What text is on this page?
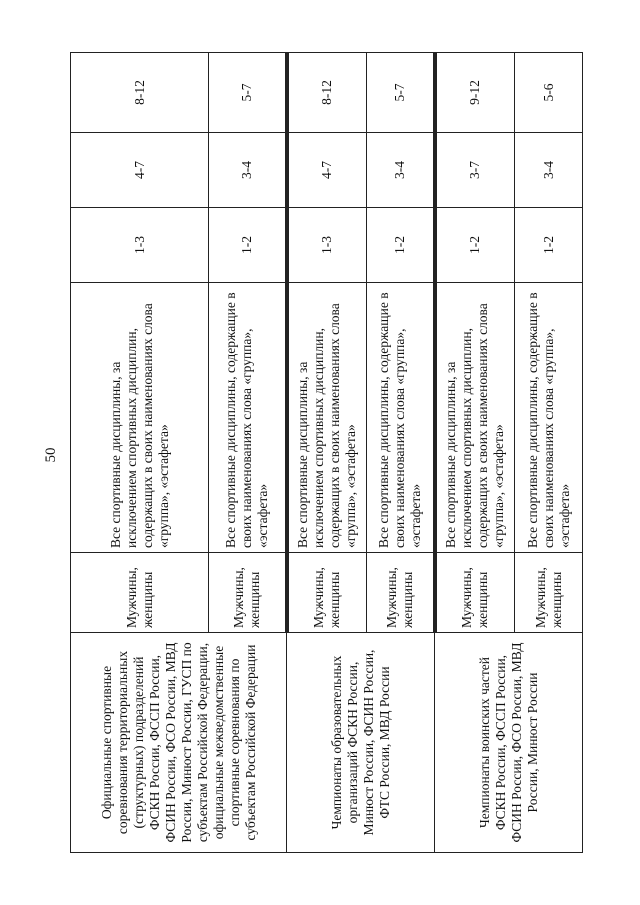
50
Официальные спортивные соревнования территориальных (структурных) подразделений ФСКН России, ФССП России, ФСИН России, ФСО России, МВД России, Минюст России, ГУСП по субъектам Российской Федерации, официальные межведомственные спортивные соревнования по субъектам Российской Федерации	Мужчины, женщины	Все спортивные дисциплины, за исключением спортивных дисциплин, содержащих в своих наименованиях слова «группа», «эстафета»	1-3	4-7	8-12
	Мужчины, женщины	Все спортивные дисциплины, содержащие в своих наименованиях слова «группа», «эстафета»	1-2	3-4	5-7
Чемпионаты образовательных организаций ФСКН России, Минюст России, ФСИН России, ФТС России, МВД России	Мужчины, женщины	Все спортивные дисциплины, за исключением спортивных дисциплин, содержащих в своих наименованиях слова «группа», «эстафета»	1-3	4-7	8-12
	Мужчины, женщины	Все спортивные дисциплины, содержащие в своих наименованиях слова «группа», «эстафета»	1-2	3-4	5-7
Чемпионаты воинских частей ФСКН России, ФССП России, ФСИН России, ФСО России, МВД России, Минюст России	Мужчины, женщины	Все спортивные дисциплины, за исключением спортивных дисциплин, содержащих в своих наименованиях слова «группа», «эстафета»	1-2	3-7	9-12
	Мужчины, женщины	Все спортивные дисциплины, содержащие в своих наименованиях слова «группа», «эстафета»	1-2	3-4	5-6
